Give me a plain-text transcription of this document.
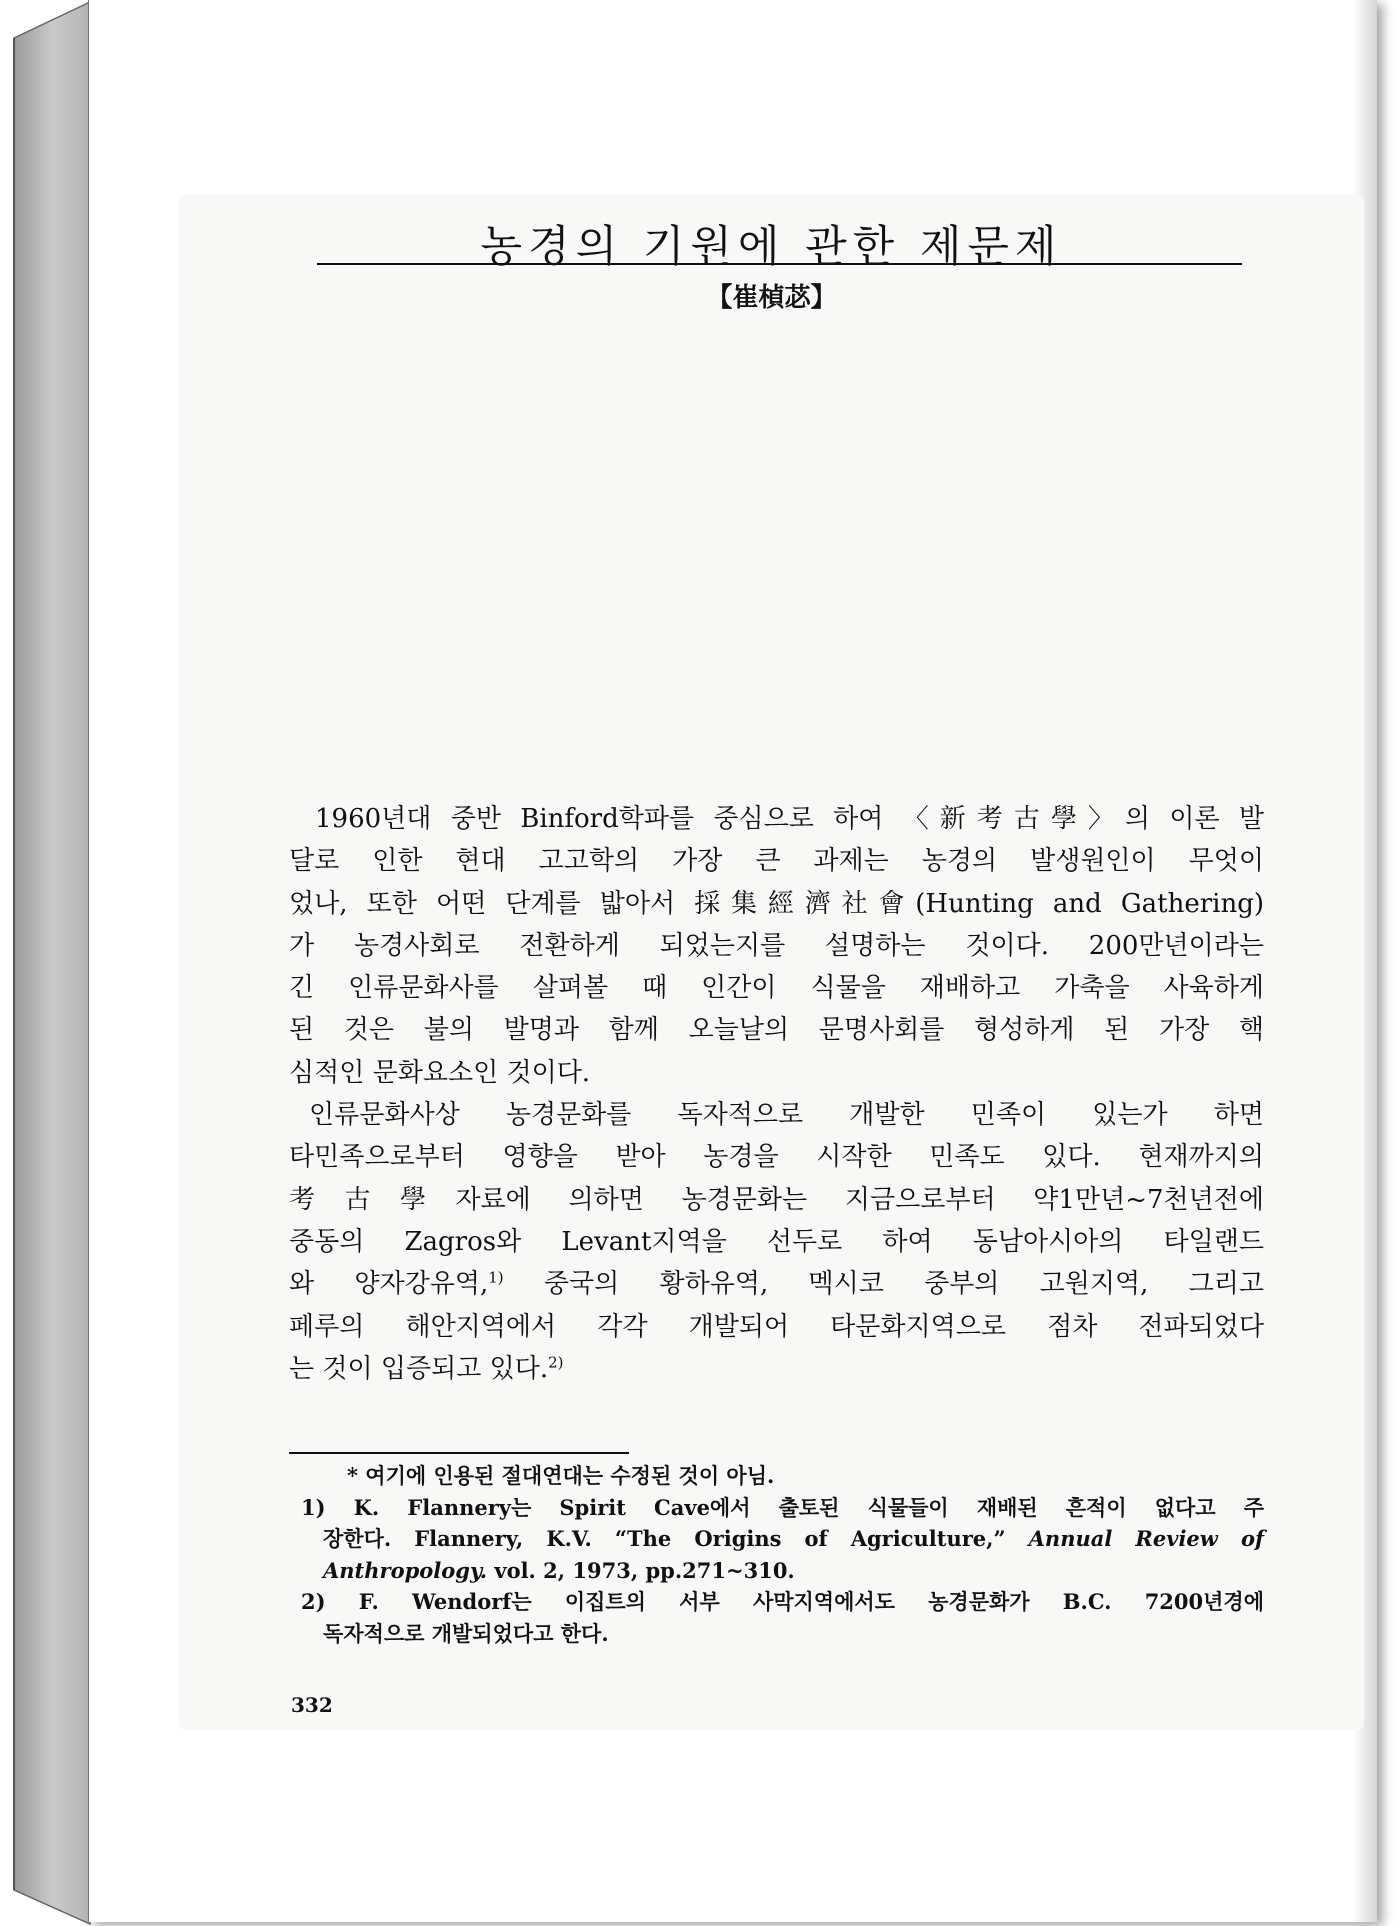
농경의 기원에 관한 제문제
【崔楨苾】
1960년대 중반 Binford학파를 중심으로 하여 〈新考古學〉의 이론 발
달로 인한 현대 고고학의 가장 큰 과제는 농경의 발생원인이 무엇이
었나, 또한 어떤 단계를 밟아서 採集經濟社會(Hunting and Gathering)
가 농경사회로 전환하게 되었는지를 설명하는 것이다. 200만년이라는
긴 인류문화사를 살펴볼 때 인간이 식물을 재배하고 가축을 사육하게
된 것은 불의 발명과 함께 오늘날의 문명사회를 형성하게 된 가장 핵
심적인 문화요소인 것이다.
인류문화사상 농경문화를 독자적으로 개발한 민족이 있는가 하면
타민족으로부터 영향을 받아 농경을 시작한 민족도 있다. 현재까지의
考古學자료에 의하면 농경문화는 지금으로부터 약1만년~7천년전에
중동의 Zagros와 Levant지역을 선두로 하여 동남아시아의 타일랜드
와 양자강유역,$^{1)}$ 중국의 황하유역, 멕시코 중부의 고원지역, 그리고
페루의 해안지역에서 각각 개발되어 타문화지역으로 점차 전파되었다
는 것이 입증되고 있다.$^{2)}$
* 여기에 인용된 절대연대는 수정된 것이 아님.
1) K. Flannery는 Spirit Cave에서 출토된 식물들이 재배된 흔적이 없다고 주
장한다. Flannery, K.V. “The Origins of Agriculture,” Annual Review of
Anthropology. vol. 2, 1973, pp.271~310.
2) F. Wendorf는 이집트의 서부 사막지역에서도 농경문화가 B.C. 7200년경에
독자적으로 개발되었다고 한다.
332
